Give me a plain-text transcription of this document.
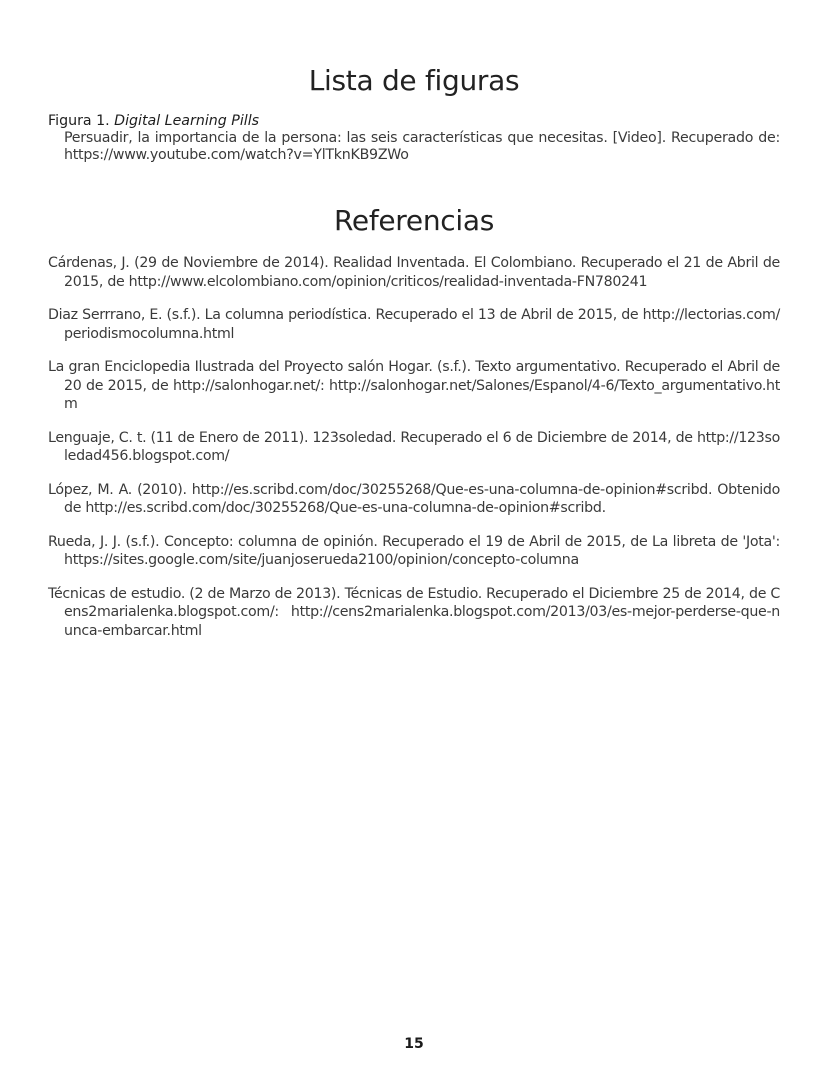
Lista de figuras
Figura 1. Digital Learning Pills
Persuadir, la importancia de la persona: las seis características que necesitas. [Video]. Recuperado de: https://www.youtube.com/watch?v=YlTknKB9ZWo
Referencias
Cárdenas, J. (29 de Noviembre de 2014). Realidad Inventada. El Colombiano. Recuperado el 21 de Abril de 2015, de http://www.elcolombiano.com/opinion/criticos/realidad-inventada-FN780241
Diaz Serrrano, E. (s.f.). La columna periodística. Recuperado el 13 de Abril de 2015, de http://lectorias.com/periodismocolumna.html
La gran Enciclopedia Ilustrada del Proyecto salón Hogar. (s.f.). Texto argumentativo. Recuperado el Abril de 20 de 2015, de http://salonhogar.net/: http://salonhogar.net/Salones/Espanol/4-6/Texto_argumentativo.htm
Lenguaje, C. t. (11 de Enero de 2011). 123soledad. Recuperado el 6 de Diciembre de 2014, de http://123soledad456.blogspot.com/
López, M. A. (2010). http://es.scribd.com/doc/30255268/Que-es-una-columna-de-opinion#scribd. Obtenido de http://es.scribd.com/doc/30255268/Que-es-una-columna-de-opinion#scribd.
Rueda, J. J. (s.f.). Concepto: columna de opinión. Recuperado el 19 de Abril de 2015, de La libreta de 'Jota': https://sites.google.com/site/juanjoserueda2100/opinion/concepto-columna
Técnicas de estudio. (2 de Marzo de 2013). Técnicas de Estudio. Recuperado el Diciembre 25 de 2014, de Cens2marialenka.blogspot.com/: http://cens2marialenka.blogspot.com/2013/03/es-mejor-perderse-que-nunca-embarcar.html
15
